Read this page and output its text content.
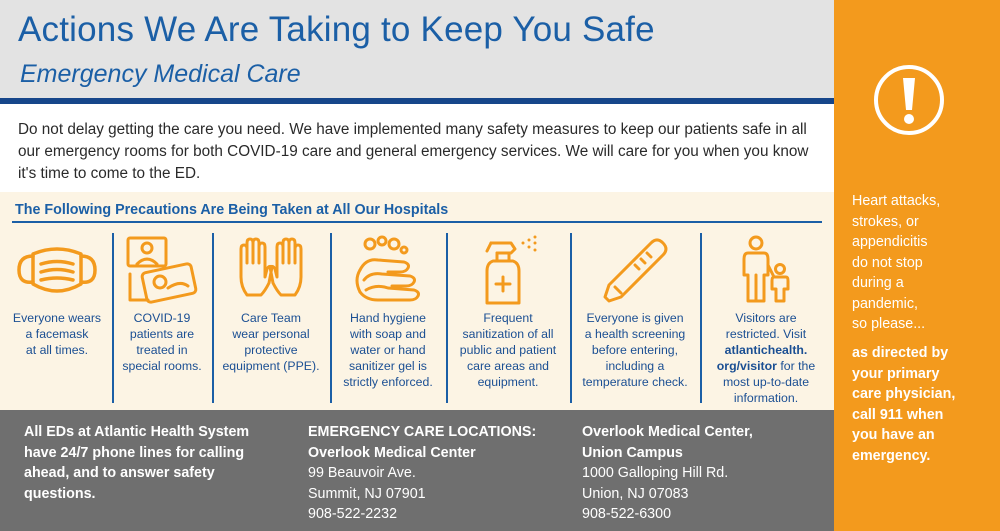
Actions We Are Taking to Keep You Safe
Emergency Medical Care

Do not delay getting the care you need. We have implemented many safety measures to keep our patients safe in all our emergency rooms for both COVID-19 care and general emergency services. We will care for you when you know it's time to come to the ED.

The Following Precautions Are Being Taken at All Our Hospitals
Everyone wears
a facemask
at all times.
COVID-19
patients are
treated in
special rooms.
Care Team
wear personal
protective
equipment (PPE).
Hand hygiene
with soap and
water or hand
sanitizer gel is
strictly enforced.
Frequent
sanitization of all
public and patient
care areas and
equipment.
Everyone is given
a health screening
before entering,
including a
temperature check.
Visitors are
restricted. Visit
atlantichealth.
org/visitor for the
most up-to-date
information.
All EDs at Atlantic Health System
have 24/7 phone lines for calling
ahead, and to answer safety
questions.
EMERGENCY CARE LOCATIONS:
Overlook Medical Center
99 Beauvoir Ave.
Summit, NJ 07901
908-522-2232
Overlook Medical Center,
Union Campus
1000 Galloping Hill Rd.
Union, NJ 07083
908-522-6300
Heart attacks,
strokes, or
appendicitis
do not stop
during a
pandemic,
so please...
as directed by
your primary
care physician,
call 911 when
you have an
emergency.
